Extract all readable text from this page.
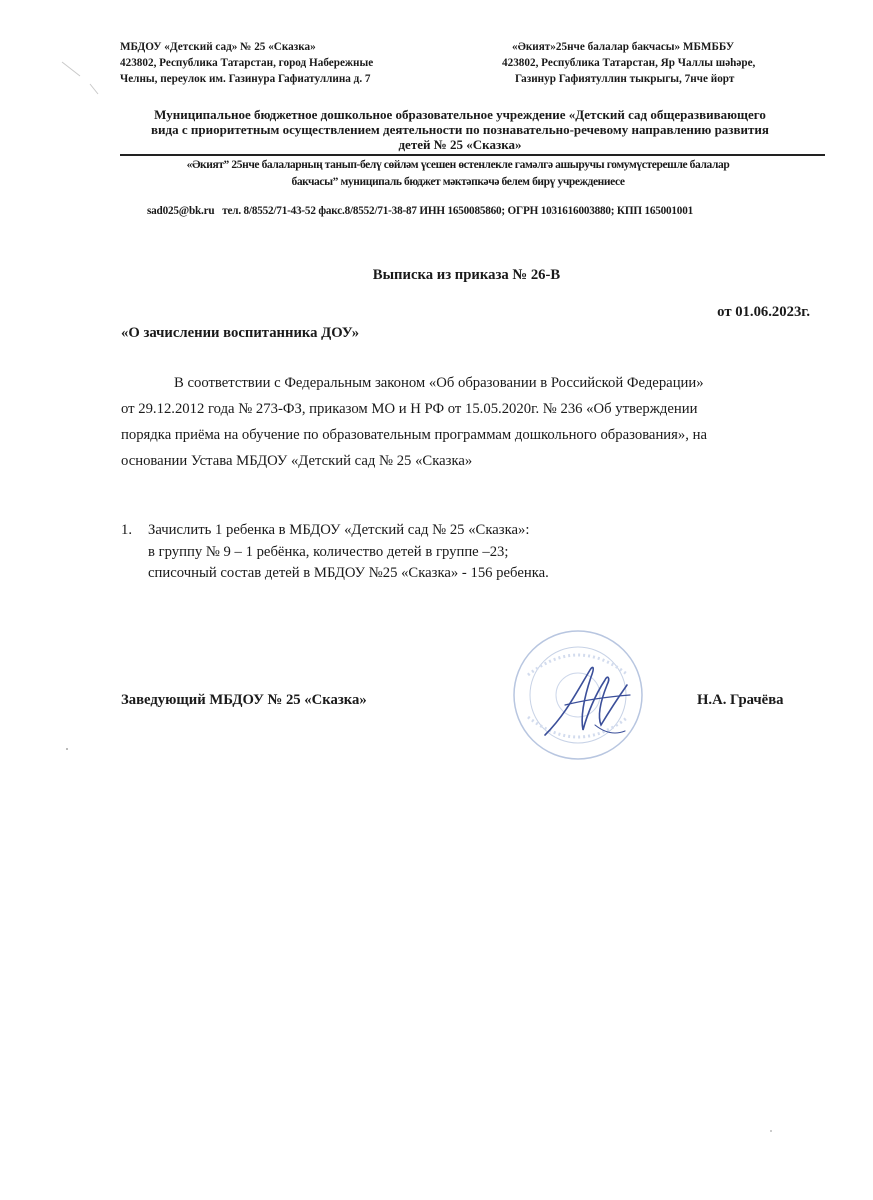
МБДОУ «Детский сад» № 25 «Сказка»
423802, Республика Татарстан, город Набережные
Челны, переулок им. Газинура Гафиатуллина д. 7
«Әкият»25нче балалар бакчасы» МБМББУ
423802, Республика Татарстан, Яр Чаллы шәһәре,
Газинур Гафиятуллин тыкрыгы, 7нче йорт
Муниципальное бюджетное дошкольное образовательное учреждение «Детский сад общеразвивающего
вида с приоритетным осуществлением деятельности по познавательно-речевому направлению развития
детей № 25 «Сказка»
«Әкият” 25нче балаларның танып-белү сөйләм үсешен өстенлекле гамәлгә ашыручы гомумүстерешле балалар
бакчасы” муниципаль бюджет мәктәпкәчә белем бирү учреждениесе
sad025@bk.ru тел. 8/8552/71-43-52 факс.8/8552/71-38-87 ИНН 1650085860; ОГРН 1031616003880; КПП 165001001
Выписка из приказа № 26-В
от 01.06.2023г.
«О зачислении воспитанника ДОУ»
В соответствии с Федеральным законом «Об образовании в Российской Федерации»
от 29.12.2012 года № 273-ФЗ, приказом МО и Н РФ от 15.05.2020г. № 236 «Об утверждении
порядка приёма на обучение по образовательным программам дошкольного образования», на
основании Устава МБДОУ «Детский сад № 25 «Сказка»
1. Зачислить 1 ребенка в МБДОУ «Детский сад № 25 «Сказка»:
в группу № 9 – 1 ребёнка, количество детей в группе –23;
списочный состав детей в МБДОУ №25 «Сказка» - 156 ребенка.
Заведующий МБДОУ № 25 «Сказка»	Н.А. Грачёва
